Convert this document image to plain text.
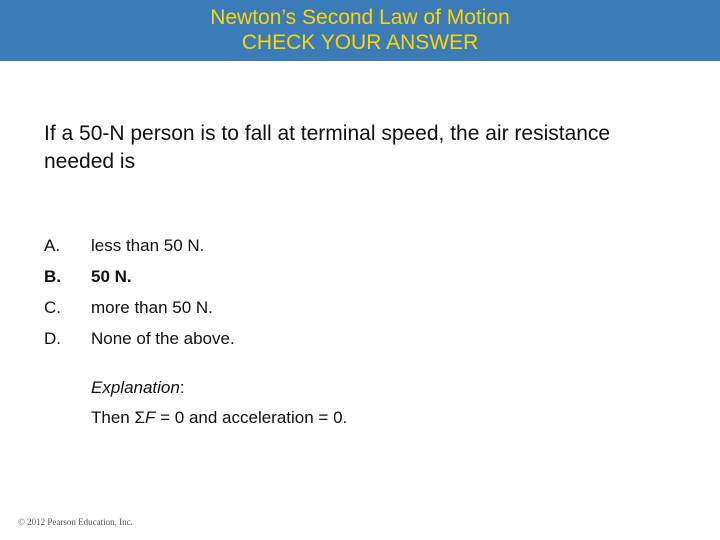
Newton’s Second Law of Motion
CHECK YOUR ANSWER
If a 50-N person is to fall at terminal speed, the air resistance needed is
A.	less than 50 N.
B.	50 N.
C.	more than 50 N.
D.	None of the above.
Explanation:
Then ΣF = 0 and acceleration = 0.
© 2012 Pearson Education, Inc.
